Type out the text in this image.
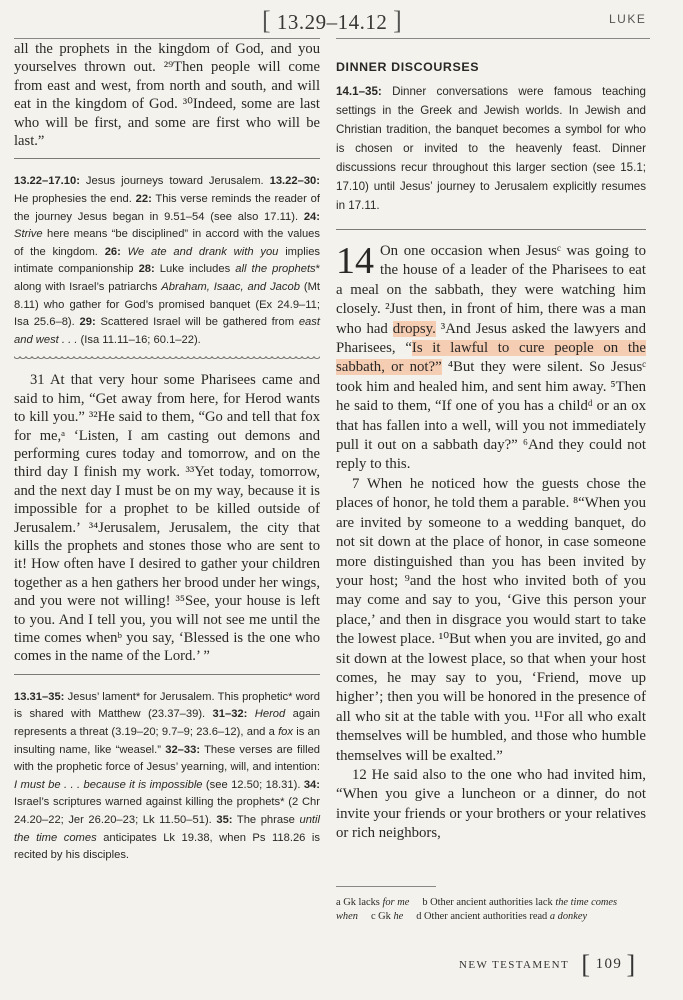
[ 13.29–14.12 ]	LUKE

all the prophets in the kingdom of God, and you yourselves thrown out. ²⁹Then people will come from east and west, from north and south, and will eat in the kingdom of God. ³⁰Indeed, some are last who will be first, and some are first who will be last.”

13.22–17.10: Jesus journeys toward Jerusalem. 13.22–30: He prophesies the end. 22: This verse reminds the reader of the journey Jesus began in 9.51–54 (see also 17.11). 24: Strive here means “be disciplined” in accord with the values of the kingdom. 26: We ate and drank with you implies intimate companionship 28: Luke includes all the prophets* along with Israel’s patriarchs Abraham, Isaac, and Jacob (Mt 8.11) who gather for God’s promised banquet (Ex 24.9–11; Isa 25.6–8). 29: Scattered Israel will be gathered from east and west . . . (Isa 11.11–16; 60.1–22).

31 At that very hour some Pharisees came and said to him, “Get away from here, for Herod wants to kill you.” ³²He said to them, “Go and tell that fox for me,ᵃ ‘Listen, I am casting out demons and performing cures today and tomorrow, and on the third day I finish my work. ³³Yet today, tomorrow, and the next day I must be on my way, because it is impossible for a prophet to be killed outside of Jerusalem.’ ³⁴Jerusalem, Jerusalem, the city that kills the prophets and stones those who are sent to it! How often have I desired to gather your children together as a hen gathers her brood under her wings, and you were not willing! ³⁵See, your house is left to you. And I tell you, you will not see me until the time comes whenᵇ you say, ‘Blessed is the one who comes in the name of the Lord.’ ”

13.31–35: Jesus’ lament* for Jerusalem. This prophetic* word is shared with Matthew (23.37–39). 31–32: Herod again represents a threat (3.19–20; 9.7–9; 23.6–12), and a fox is an insulting name, like “weasel.” 32–33: These verses are filled with the prophetic force of Jesus’ yearning, will, and intention: I must be . . . because it is impossible (see 12.50; 18.31). 34: Israel’s scriptures warned against killing the prophets* (2 Chr 24.20–22; Jer 26.20–23; Lk 11.50–51). 35: The phrase until the time comes anticipates Lk 19.38, when Ps 118.26 is recited by his disciples.

DINNER DISCOURSES

14.1–35: Dinner conversations were famous teaching settings in the Greek and Jewish worlds. In Jewish and Christian tradition, the banquet becomes a symbol for who is chosen or invited to the heavenly feast. Dinner discussions recur throughout this larger section (see 15.1; 17.10) until Jesus’ journey to Jerusalem explicitly resumes in 17.11.

14 On one occasion when Jesusᶜ was going to the house of a leader of the Pharisees to eat a meal on the sabbath, they were watching him closely. ²Just then, in front of him, there was a man who had dropsy. ³And Jesus asked the lawyers and Pharisees, “Is it lawful to cure people on the sabbath, or not?” ⁴But they were silent. So Jesusᶜ took him and healed him, and sent him away. ⁵Then he said to them, “If one of you has a childᵈ or an ox that has fallen into a well, will you not immediately pull it out on a sabbath day?” ⁶And they could not reply to this.

7 When he noticed how the guests chose the places of honor, he told them a parable. ⁸“When you are invited by someone to a wedding banquet, do not sit down at the place of honor, in case someone more distinguished than you has been invited by your host; ⁹and the host who invited both of you may come and say to you, ‘Give this person your place,’ and then in disgrace you would start to take the lowest place. ¹⁰But when you are invited, go and sit down at the lowest place, so that when your host comes, he may say to you, ‘Friend, move up higher’; then you will be honored in the presence of all who sit at the table with you. ¹¹For all who exalt themselves will be humbled, and those who humble themselves will be exalted.”

12 He said also to the one who had invited him, “When you give a luncheon or a dinner, do not invite your friends or your brothers or your relatives or rich neighbors,

a Gk lacks for me b Other ancient authorities lack the time comes when c Gk he d Other ancient authorities read a donkey
NEW TESTAMENT [ 109 ]
